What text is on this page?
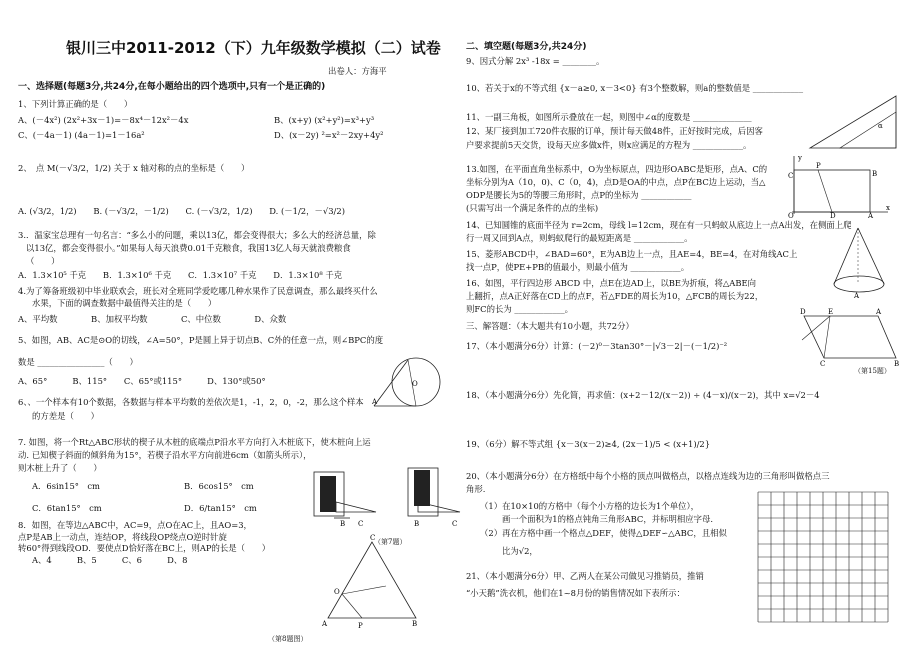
银川三中2011-2012（下）九年级数学模拟（二）试卷
出卷人：方海平
一、选择题(每题3分,共24分,在每小题给出的四个选项中,只有一个是正确的)
1、下列计算正确的是（　　）
A、(－4x²) (2x²+3x－1)=－8x⁴－12x²－4x	B、(x+y) (x²+y²)=x³+y³
C、(－4a－1) (4a－1)=1－16a²	D、(x－2y) ²=x²－2xy+4y²
2、　点 M(－√3/2，1/2) 关于 x 轴对称的点的坐标是（　　）
A. (√3/2，1/2)　　B. (－√3/2，－1/2)　　C. (－√3/2，1/2)　　D. (－1/2，－√3/2)
3.．温家宝总理有一句名言：“多么小的问题，乘以13亿，都会变得很大；多么大的经济总量，除
以13亿，都会变得很小。”如果每人每天浪费0.01千克粮食，我国13亿人每天就浪费粮食
（　　）
A．1.3×10⁵ 千克　　B．1.3×10⁶ 千克　　C．1.3×10⁷ 千克　　D．1.3×10⁸ 千克
4.为了筹备班级初中毕业联欢会，班长对全班同学爱吃哪几种水果作了民意调查，那么最终买什么
水果，下面的调查数据中最值得关注的是（　　）
A、平均数　　　　B、加权平均数　　　　C、中位数　　　　D、众数
5、如图，AB、AC是⊙O的切线，∠A=50°，P是圆上异于切点B、C外的任意一点，则∠BPC的度
数是 ________________（　　）
A、65°　　　B、115°　　C、65°或115°　　　D、130°或50°
6、、一个样本有10个数据，各数据与样本平均数的差依次是1，-1，2，0，-2，那么这个样本
的方差是（　　）
7. 如图，将一个Rt△ABC形状的楔子从木桩的底端点P沿水平方向打入木桩底下，使木桩向上运
动. 已知楔子斜面的倾斜角为15°，若楔子沿水平方向前进6cm（如箭头所示），
则木桩上升了（　　）
A．6sin15°　cm	B．6cos15°　cm
C．6tan15°　cm	D．6/tan15°　cm
8．如图，在等边△ABC中，AC=9，点O在AC上，且AO=3，
点P是AB上一动点，连结OP，将线段OP绕点O逆时针旋
转60°得到线段OD．要使点D恰好落在BC上，则AP的长是（　　）
A、4　　　B、5　　　C、6　　　D、8
O
A
B C	B	C
（第7题）
C
A	P	B
O
（第8题图）
二、填空题(每题3分,共24分)
9、因式分解 2x³ -18x = ________。
10、若关于x的不等式组 {x－a≥0, x－3<0} 有3个整数解，则a的整数值是 ____________
11、一副三角板，如图所示叠放在一起，则图中∠α的度数是 ______________
12、某厂接到加工720件衣服的订单，预计每天做48件，正好按时完成，后因客
户要求提前5天交货，设每天应多做x件，则x应满足的方程为 ____________。
13.如图，在平面直角坐标系中，O为坐标原点，四边形OABC是矩形，点A、C的
坐标分别为A（10，0)、C（0，4)，点D是OA的中点，点P在BC边上运动，当△
ODP是腰长为5的等腰三角形时，点P的坐标为 ____________
(只需写出一个满足条件的点的坐标)
14、已知圆锥的底面半径为 r=2cm，母线 l=12cm，现在有一只蚂蚁从底边上一点A出发，在侧面上爬
行一周又回到A点，则蚂蚁爬行的最短距离是 ____________。
15、菱形ABCD中，∠BAD=60°，E为AB边上一点，且AE=4，BE=4，在对角线AC上
找一点P，使PE+PB的值最小，则最小值为 ____________。
16、如图，平行四边形 ABCD 中，点E在边AD上，以BE为折痕，将△ABE向
上翻折，点A正好落在CD上的点F，若△FDE的周长为10，△FCB的周长为22，
则FC的长为 ____________。
三、解答题：（本大题共有10小题，共72分）
17、（本小题满分6分）计算：(－2)⁰－3tan30°－|√3－2|－(－1/2)⁻²
18、（本小题满分6分）先化简，再求值：(x+2－12/(x－2)) ÷ (4－x)/(x－2)，其中 x=√2－4
19、（6分）解不等式组 {x－3(x－2)≥4, (2x－1)/5 < (x+1)/2}
20、（本小题满分6分）在方格纸中每个小格的顶点叫做格点，以格点连线为边的三角形叫做格点三
角形.
（1）在10×10的方格中（每个小方格的边长为1个单位），
画一个面积为1的格点钝角三角形ABC，并标明相应字母.
（2）再在方格中画一个格点△DEF，使得△DEF∽△ABC，且相似
比为√2，
21、（本小题满分6分）甲、乙两人在某公司做见习推销员，推销
“小天鹅”洗衣机，他们在1~8月份的销售情况如下表所示：
α
P
C	B
O	D	A
y
x
A
D	E	A
C	B
（第15题）
